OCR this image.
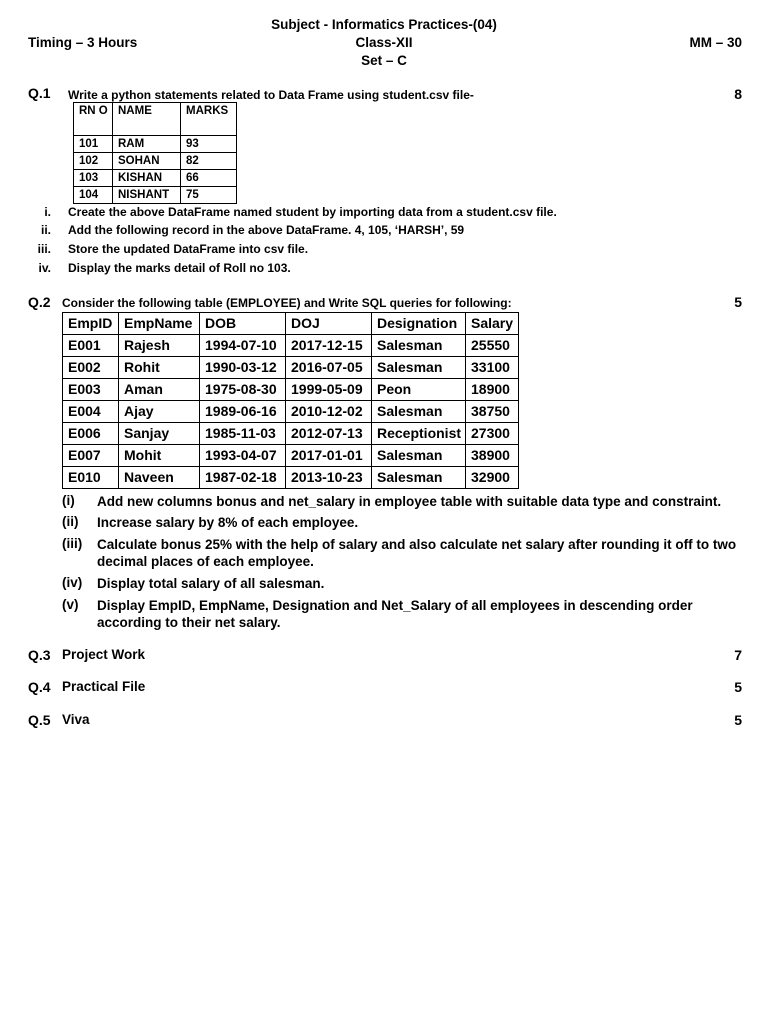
Subject - Informatics Practices-(04)
Timing – 3 Hours	Class-XII	MM – 30
Set – C
Q.1 Write a python statements related to Data Frame using student.csv file-	8
RN O	NAME	MARKS
101	RAM	93
102	SOHAN	82
103	KISHAN	66
104	NISHANT	75
i. Create the above DataFrame named student by importing data from a student.csv file.
ii. Add the following record in the above DataFrame. 4, 105, ‘HARSH’, 59
iii. Store the updated DataFrame into csv file.
iv. Display the marks detail of Roll no 103.
Q.2 Consider the following table (EMPLOYEE) and Write SQL queries for following:	5
EmpID	EmpName	DOB	DOJ	Designation	Salary
E001	Rajesh	1994-07-10	2017-12-15	Salesman	25550
E002	Rohit	1990-03-12	2016-07-05	Salesman	33100
E003	Aman	1975-08-30	1999-05-09	Peon	18900
E004	Ajay	1989-06-16	2010-12-02	Salesman	38750
E006	Sanjay	1985-11-03	2012-07-13	Receptionist	27300
E007	Mohit	1993-04-07	2017-01-01	Salesman	38900
E010	Naveen	1987-02-18	2013-10-23	Salesman	32900
(i) Add new columns bonus and net_salary in employee table with suitable data type and constraint.
(ii) Increase salary by 8% of each employee.
(iii) Calculate bonus 25% with the help of salary and also calculate net salary after rounding it off to two decimal places of each employee.
(iv) Display total salary of all salesman.
(v) Display EmpID, EmpName, Designation and Net_Salary of all employees in descending order according to their net salary.
Q.3 Project Work	7
Q.4 Practical File	5
Q.5 Viva	5
